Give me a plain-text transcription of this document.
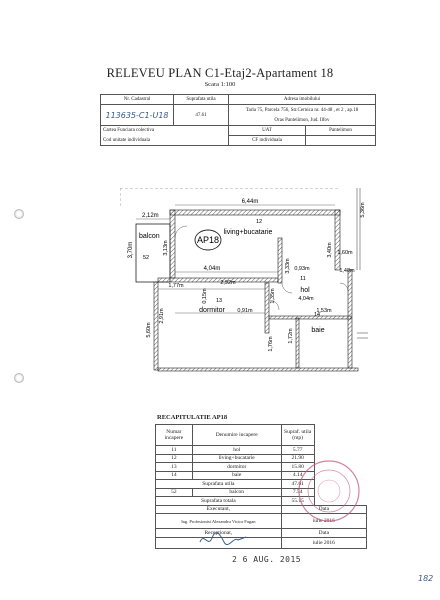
RELEVEU PLAN C1-Etaj2-Apartament 18
Scara 1:100
Nr. Cadastral	Suprafata utila	Adresa imobilului	
113635-C1-U18	47.61	Tarla 75, Parcela 756, Str.Cernica nr. 44-48 , et 2 , ap.18	
		Oras Pantelimon, Jud. Ilfov	
Cartea Funciara colectiva		UAT	Pantelimon
Cod unitate individuala		CF individuala	
AP18
12
living+bucatarie
13
dormitor
11
hol
14
baie
52
balcon
6,44m
2,12m
3,70m	3,13m
4,04m	3,33m
3,40m 1,60m
1,48m
0,93m
1,77m	2,92m
0,15m	1,35m	4,04m
1,53m
2,91m
5,60m
0,91m
1,76m
1,72m
5,36m
RECAPITULATIE AP18
Numar incapere	Denumire incapere	Supraf. utila (mp)	
11	hol	5.77	
12	living+bucatarie	21.90	
13	dormitor	15.80	
14	baie	4.14	
Suprafata utila		47.61	
52	balcon	7.54	
Suprafata totala		55.15	
Executant,		Data	
Ing. Profesionist Alexandru Victor Fugan		iulie 2016	
Receptionat,		Data	
		iulie 2016	
2 6 AUG. 2015
182
